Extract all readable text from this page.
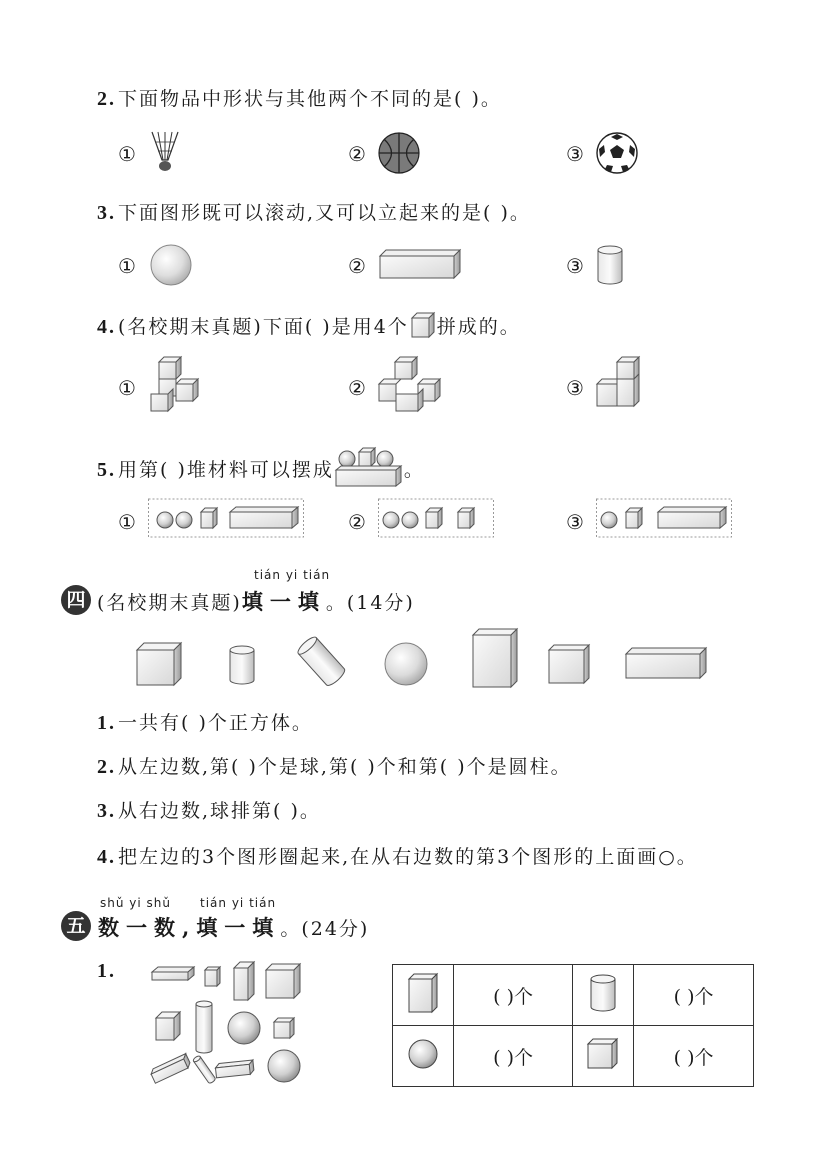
2. 下面物品中形状与其他两个不同的是( )。
①	②	③
3. 下面图形既可以滚动,又可以立起来的是( )。
①	②	③
4. (名校期末真题)下面( )是用4个 拼成的。
①	②	③
5. 用第( )堆材料可以摆成	。
①	②	③
tián yi tián
四 (名校期末真题)填一填。(14分)
1. 一共有( )个正方体。
2. 从左边数,第( )个是球,第( )个和第( )个是圆柱。
3. 从右边数,球排第( )。
4. 把左边的3个图形圈起来,在从右边数的第3个图形的上面画○。
shǔ yi shǔ tián yi tián
五 数一数,填一填。(24分)
1.
	( )个		( )个
	( )个		( )个
